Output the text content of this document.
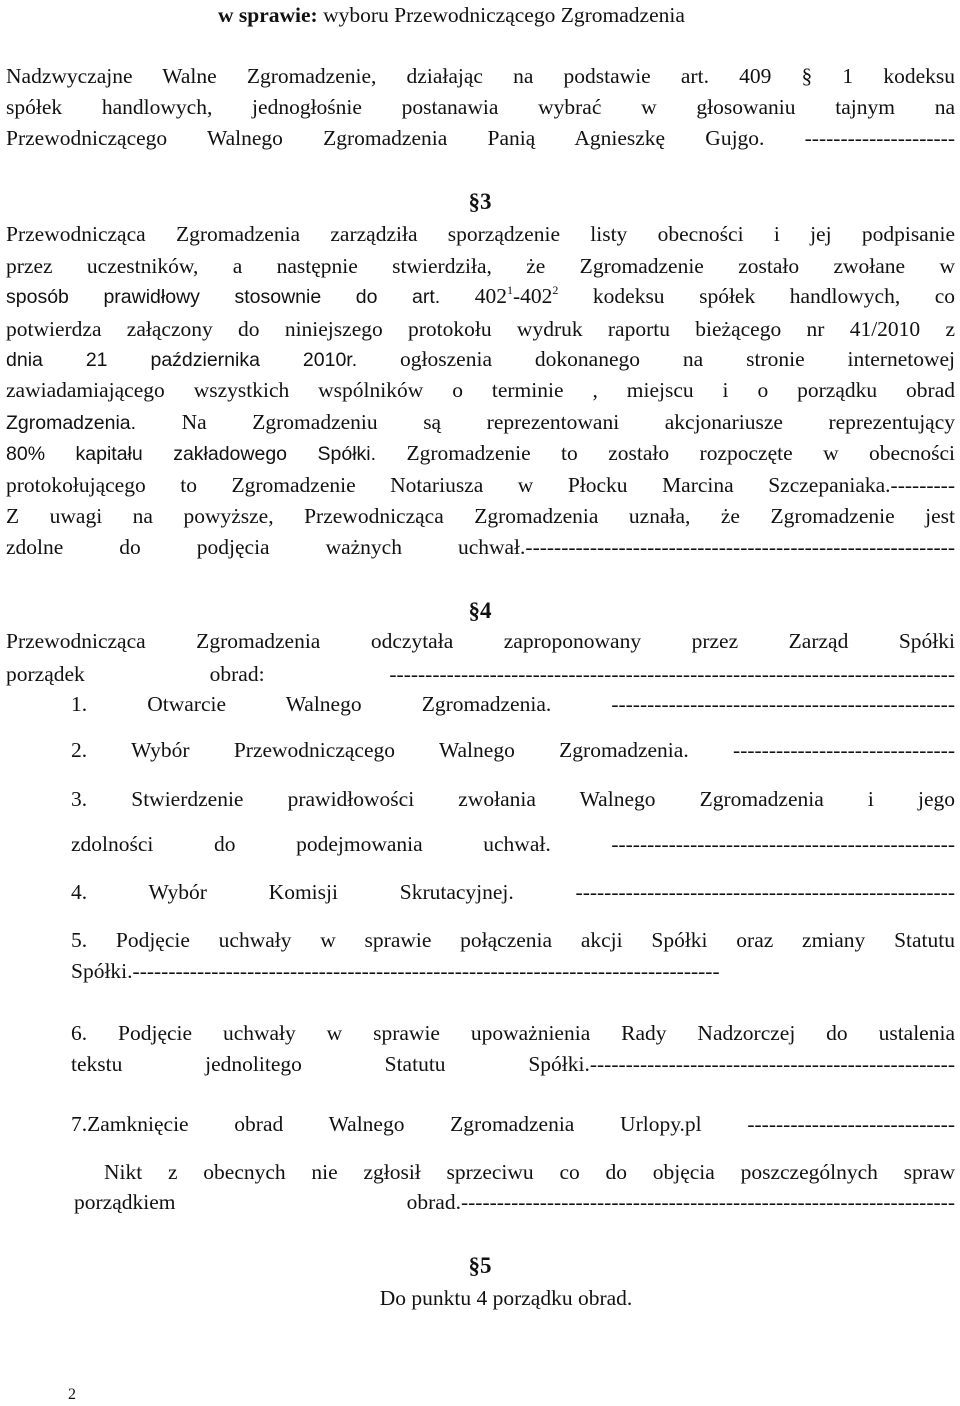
w sprawie: wyboru Przewodniczącego Zgromadzenia
Nadzwyczajne Walne Zgromadzenie, działając na podstawie art. 409 § 1 kodeksu
spółek handlowych, jednogłośnie postanawia wybrać w głosowaniu tajnym na
Przewodniczącego Walnego Zgromadzenia Panią Agnieszkę Gujgo. ---------------------
§3
Przewodnicząca Zgromadzenia zarządziła sporządzenie listy obecności i jej podpisanie
przez uczestników, a następnie stwierdziła, że Zgromadzenie zostało zwołane w
sposób prawidłowy stosownie do art. $402^1-402^2$ kodeksu spółek handlowych, co
potwierdza załączony do niniejszego protokołu wydruk raportu bieżącego nr 41/2010 z
dnia 21 października 2010r. ogłoszenia dokonanego na stronie internetowej
zawiadamiającego wszystkich wspólników o terminie , miejscu i o porządku obrad
Zgromadzenia. Na Zgromadzeniu są reprezentowani akcjonariusze reprezentujący
80% kapitału zakładowego Spółki. Zgromadzenie to zostało rozpoczęte w obecności
protokołującego to Zgromadzenie Notariusza w Płocku Marcina Szczepaniaka.---------
Z uwagi na powyższe, Przewodnicząca Zgromadzenia uznała, że Zgromadzenie jest
zdolne do podjęcia ważnych uchwał.------------------------------------------------------------
§4
Przewodnicząca Zgromadzenia odczytała zaproponowany przez Zarząd Spółki
porządek obrad: -------------------------------------------------------------------------------
1. Otwarcie Walnego Zgromadzenia. ------------------------------------------------
2. Wybór Przewodniczącego Walnego Zgromadzenia. -------------------------------
3. Stwierdzenie prawidłowości zwołania Walnego Zgromadzenia i jego
zdolności do podejmowania uchwał. ------------------------------------------------
4. Wybór Komisji Skrutacyjnej. -----------------------------------------------------
5. Podjęcie uchwały w sprawie połączenia akcji Spółki oraz zmiany Statutu
Spółki.----------------------------------------------------------------------------------
6. Podjęcie uchwały w sprawie upoważnienia Rady Nadzorczej do ustalenia
tekstu jednolitego Statutu Spółki.---------------------------------------------------
7.Zamknięcie obrad Walnego Zgromadzenia Urlopy.pl -----------------------------
Nikt z obecnych nie zgłosił sprzeciwu co do objęcia poszczególnych spraw
porządkiem obrad.---------------------------------------------------------------------
§5
Do punktu 4 porządku obrad.
2
